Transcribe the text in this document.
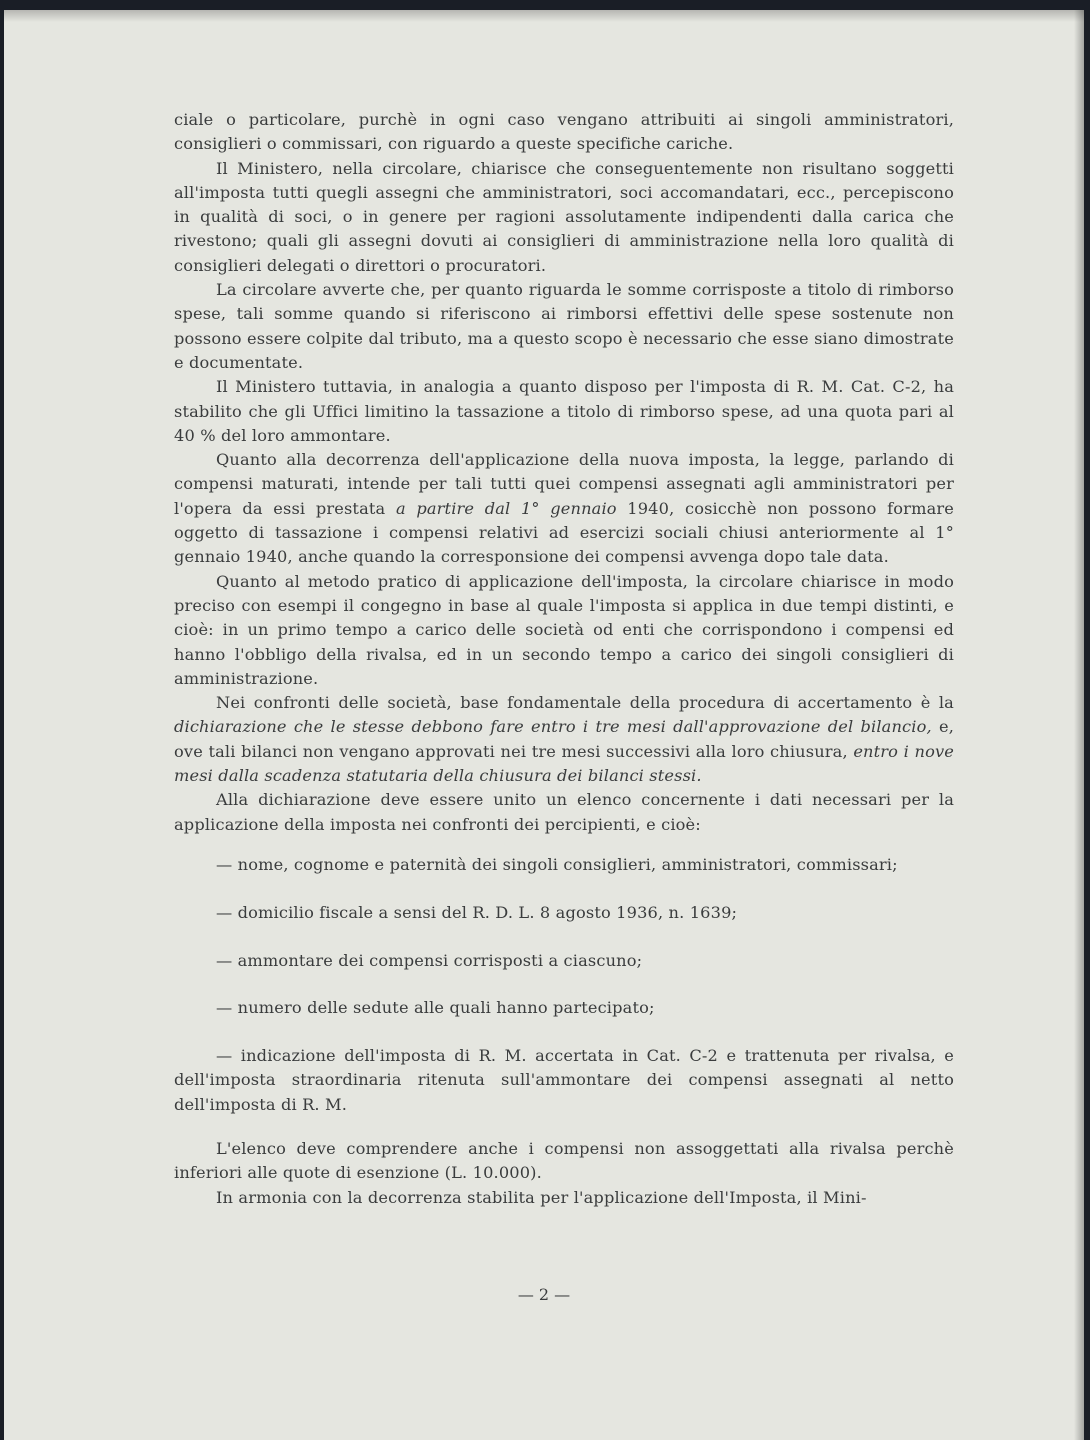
ciale o particolare, purchè in ogni caso vengano attribuiti ai singoli amministratori, consiglieri o commissari, con riguardo a queste specifiche cariche.

Il Ministero, nella circolare, chiarisce che conseguentemente non risultano soggetti all'imposta tutti quegli assegni che amministratori, soci accomandatari, ecc., percepiscono in qualità di soci, o in genere per ragioni assolutamente indipendenti dalla carica che rivestono; quali gli assegni dovuti ai consiglieri di amministrazione nella loro qualità di consiglieri delegati o direttori o procuratori.

La circolare avverte che, per quanto riguarda le somme corrisposte a titolo di rimborso spese, tali somme quando si riferiscono ai rimborsi effettivi delle spese sostenute non possono essere colpite dal tributo, ma a questo scopo è necessario che esse siano dimostrate e documentate.

Il Ministero tuttavia, in analogia a quanto disposo per l'imposta di R. M. Cat. C-2, ha stabilito che gli Uffici limitino la tassazione a titolo di rimborso spese, ad una quota pari al 40 % del loro ammontare.

Quanto alla decorrenza dell'applicazione della nuova imposta, la legge, parlando di compensi maturati, intende per tali tutti quei compensi assegnati agli amministratori per l'opera da essi prestata a partire dal 1° gennaio 1940, cosicchè non possono formare oggetto di tassazione i compensi relativi ad esercizi sociali chiusi anteriormente al 1° gennaio 1940, anche quando la corresponsione dei compensi avvenga dopo tale data.

Quanto al metodo pratico di applicazione dell'imposta, la circolare chiarisce in modo preciso con esempi il congegno in base al quale l'imposta si applica in due tempi distinti, e cioè: in un primo tempo a carico delle società od enti che corrispondono i compensi ed hanno l'obbligo della rivalsa, ed in un secondo tempo a carico dei singoli consiglieri di amministrazione.

Nei confronti delle società, base fondamentale della procedura di accertamento è la dichiarazione che le stesse debbono fare entro i tre mesi dall'approvazione del bilancio, e, ove tali bilanci non vengano approvati nei tre mesi successivi alla loro chiusura, entro i nove mesi dalla scadenza statutaria della chiusura dei bilanci stessi.

Alla dichiarazione deve essere unito un elenco concernente i dati necessari per la applicazione della imposta nei confronti dei percipienti, e cioè:

— nome, cognome e paternità dei singoli consiglieri, amministratori, commissari;
— domicilio fiscale a sensi del R. D. L. 8 agosto 1936, n. 1639;
— ammontare dei compensi corrisposti a ciascuno;
— numero delle sedute alle quali hanno partecipato;
— indicazione dell'imposta di R. M. accertata in Cat. C-2 e trattenuta per rivalsa, e dell'imposta straordinaria ritenuta sull'ammontare dei compensi assegnati al netto dell'imposta di R. M.

L'elenco deve comprendere anche i compensi non assoggettati alla rivalsa perchè inferiori alle quote di esenzione (L. 10.000).

In armonia con la decorrenza stabilita per l'applicazione dell'Imposta, il Mini-

— 2 —
